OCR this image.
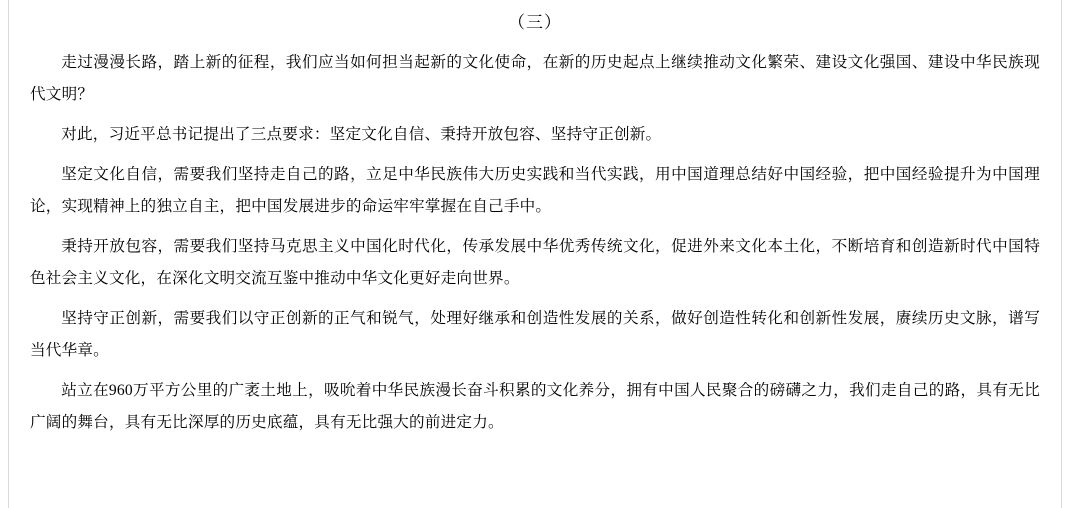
（三）

走过漫漫长路，踏上新的征程，我们应当如何担当起新的文化使命，在新的历史起点上继续推动文化繁荣、建设文化强国、建设中华民族现代文明？

对此，习近平总书记提出了三点要求：坚定文化自信、秉持开放包容、坚持守正创新。

坚定文化自信，需要我们坚持走自己的路，立足中华民族伟大历史实践和当代实践，用中国道理总结好中国经验，把中国经验提升为中国理论，实现精神上的独立自主，把中国发展进步的命运牢牢掌握在自己手中。

秉持开放包容，需要我们坚持马克思主义中国化时代化，传承发展中华优秀传统文化，促进外来文化本土化，不断培育和创造新时代中国特色社会主义文化，在深化文明交流互鉴中推动中华文化更好走向世界。

坚持守正创新，需要我们以守正创新的正气和锐气，处理好继承和创造性发展的关系，做好创造性转化和创新性发展，赓续历史文脉，谱写当代华章。

站立在960万平方公里的广袤土地上，吸吮着中华民族漫长奋斗积累的文化养分，拥有中国人民聚合的磅礴之力，我们走自己的路，具有无比广阔的舞台，具有无比深厚的历史底蕴，具有无比强大的前进定力。
